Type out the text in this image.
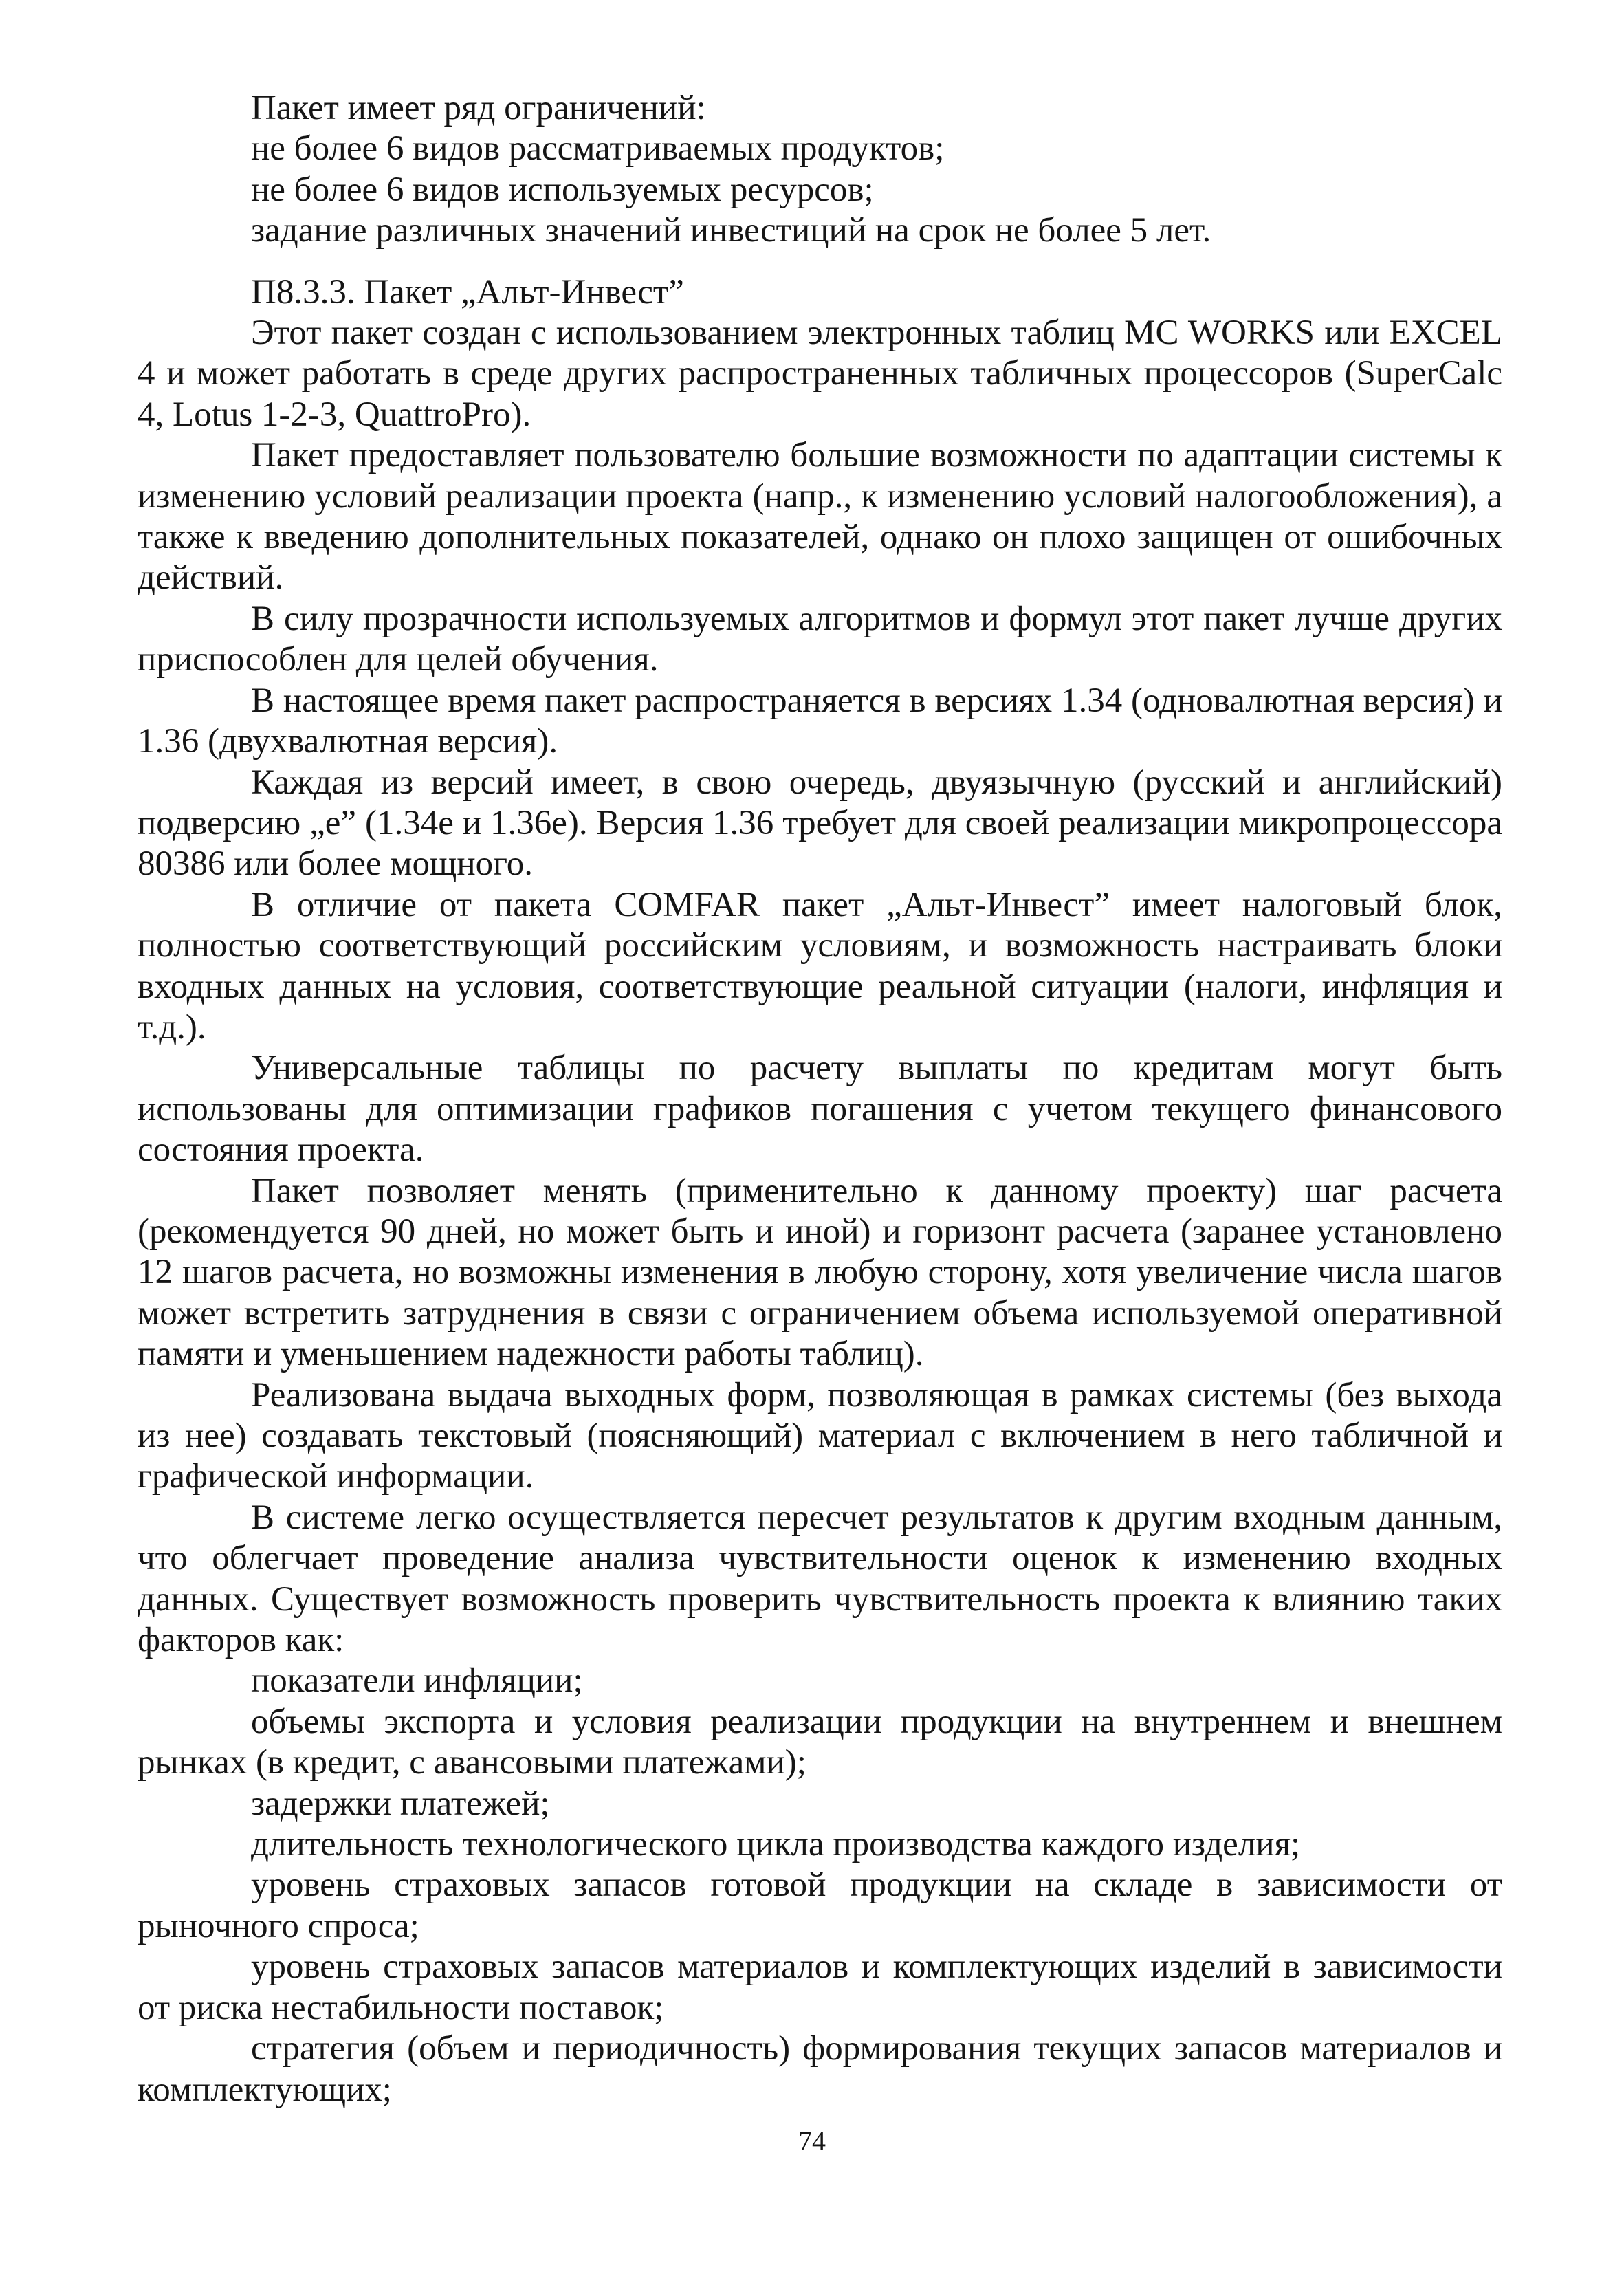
Пакет имеет ряд ограничений:

не более 6 видов рассматриваемых продуктов;

не более 6 видов используемых ресурсов;

задание различных значений инвестиций на срок не более 5 лет.

П8.3.3. Пакет „Альт-Инвест”

Этот пакет создан с использованием электронных таблиц MC WORKS или EXCEL 4 и может работать в среде других распространенных табличных процессоров (SuperCalc 4, Lotus 1-2-3, QuattroPro).

Пакет предоставляет пользователю большие возможности по адаптации системы к изменению условий реализации проекта (напр., к изменению условий налогообложения), а также к введению дополнительных показателей, однако он плохо защищен от ошибочных действий.

В силу прозрачности используемых алгоритмов и формул этот пакет лучше других приспособлен для целей обучения.

В настоящее время пакет распространяется в версиях 1.34 (одновалютная версия) и 1.36 (двухвалютная версия).

Каждая из версий имеет, в свою очередь, двуязычную (русский и английский) подверсию „е” (1.34е и 1.36е). Версия 1.36 требует для своей реализации микропроцессора 80386 или более мощного.

В отличие от пакета COMFAR пакет „Альт-Инвест” имеет налоговый блок, полностью соответствующий российским условиям, и возможность настраивать блоки входных данных на условия, соответствующие реальной ситуации (налоги, инфляция и т.д.).

Универсальные таблицы по расчету выплаты по кредитам могут быть использованы для оптимизации графиков погашения с учетом текущего финансового состояния проекта.

Пакет позволяет менять (применительно к данному проекту) шаг расчета (рекомендуется 90 дней, но может быть и иной) и горизонт расчета (заранее установлено 12 шагов расчета, но возможны изменения в любую сторону, хотя увеличение числа шагов может встретить затруднения в связи с ограничением объема используемой оперативной памяти и уменьшением надежности работы таблиц).

Реализована выдача выходных форм, позволяющая в рамках системы (без выхода из нее) создавать текстовый (поясняющий) материал с включением в него табличной и графической информации.

В системе легко осуществляется пересчет результатов к другим входным данным, что облегчает проведение анализа чувствительности оценок к изменению входных данных. Существует возможность проверить чувствительность проекта к влиянию таких факторов как:

показатели инфляции;

объемы экспорта и условия реализации продукции на внутреннем и внешнем рынках (в кредит, с авансовыми платежами);

задержки платежей;

длительность технологического цикла производства каждого изделия;

уровень страховых запасов готовой продукции на складе в зависимости от рыночного спроса;

уровень страховых запасов материалов и комплектующих изделий в зависимости от риска нестабильности поставок;

стратегия (объем и периодичность) формирования текущих запасов материалов и комплектующих;

74
